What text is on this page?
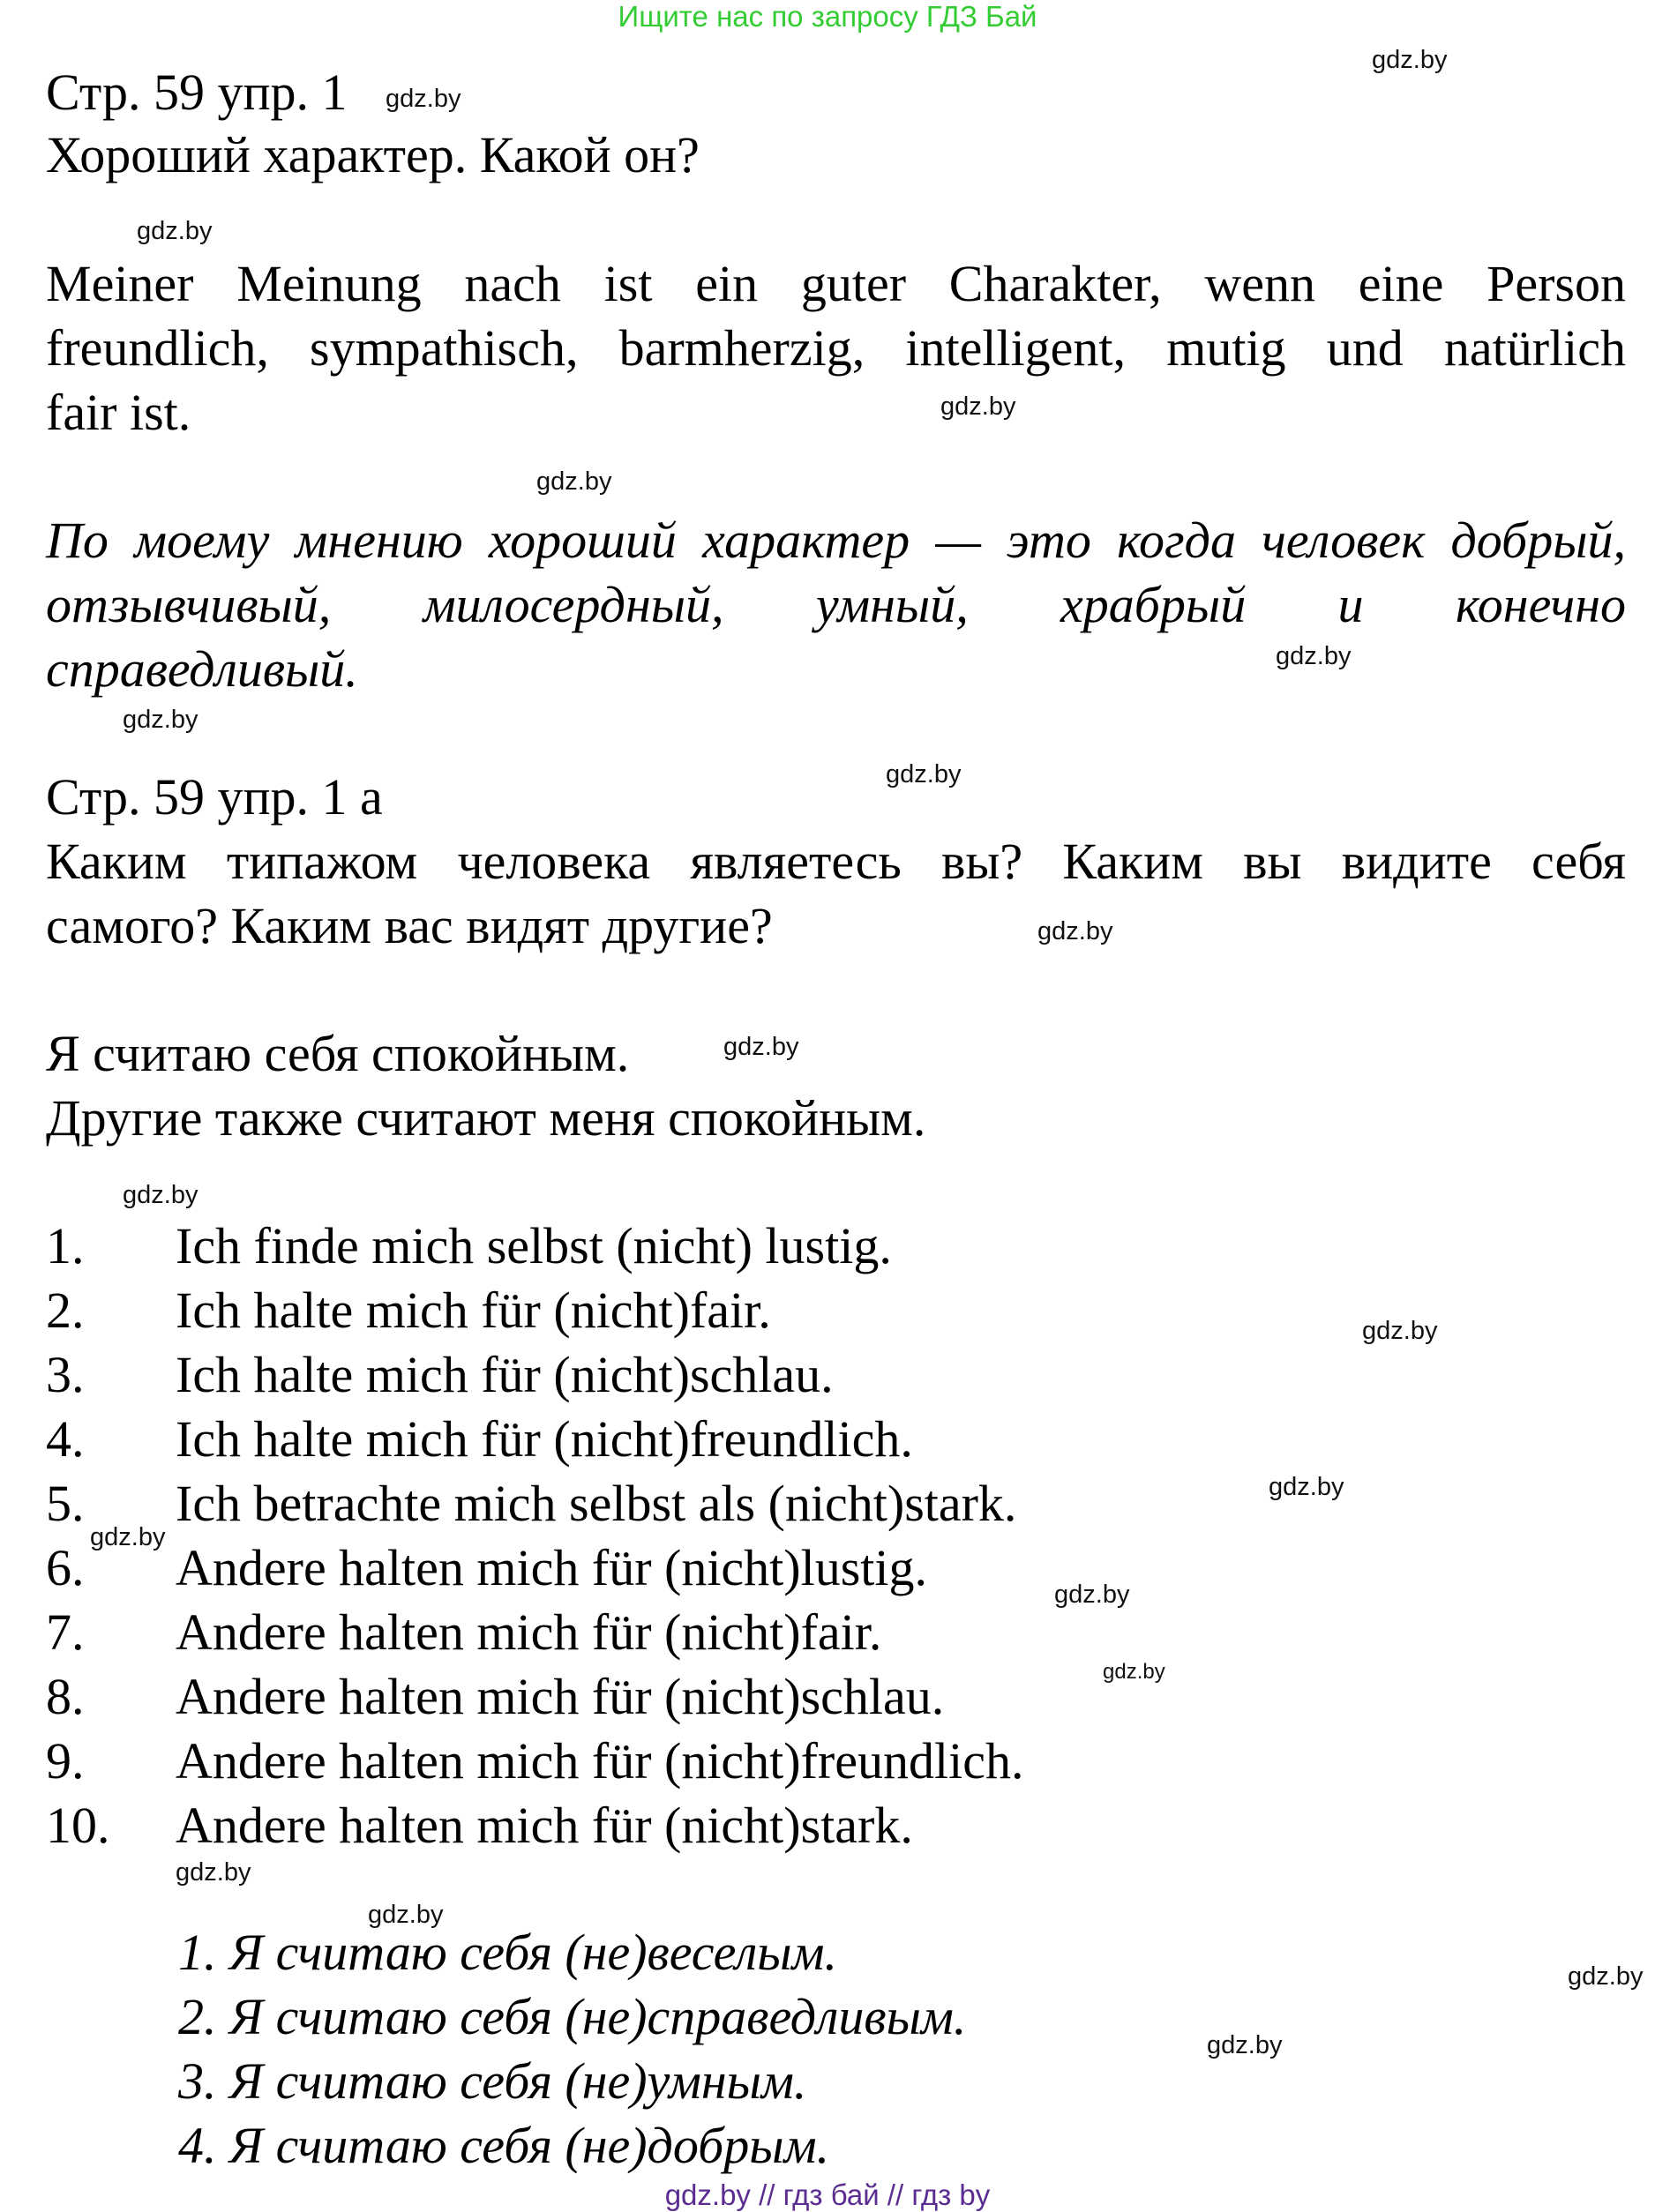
Ищите нас по запросу ГДЗ Бай
Стр. 59 упр. 1
Хороший характер. Какой он?
Meiner Meinung nach ist ein guter Charakter, wenn eine Person
freundlich, sympathisch, barmherzig, intelligent, mutig und natürlich
fair ist.
По моему мнению хороший характер — это когда человек добрый,
отзывчивый, милосердный, умный, храбрый и конечно
справедливый.
Стр. 59 упр. 1 а
Каким типажом человека являетесь вы? Каким вы видите себя
самого? Каким вас видят другие?
Я считаю себя спокойным.
Другие также считают меня спокойным.
1. Ich finde mich selbst (nicht) lustig.
2. Ich halte mich für (nicht)fair.
3. Ich halte mich für (nicht)schlau.
4. Ich halte mich für (nicht)freundlich.
5. Ich betrachte mich selbst als (nicht)stark.
6. Andere halten mich für (nicht)lustig.
7. Andere halten mich für (nicht)fair.
8. Andere halten mich für (nicht)schlau.
9. Andere halten mich für (nicht)freundlich.
10. Andere halten mich für (nicht)stark.
1. Я считаю себя (не)веселым.
2. Я считаю себя (не)справедливым.
3. Я считаю себя (не)умным.
4. Я считаю себя (не)добрым.
gdz.by
gdz.by
gdz.by
gdz.by
gdz.by
gdz.by
gdz.by
gdz.by
gdz.by
gdz.by
gdz.by
gdz.by
gdz.by
gdz.by
gdz.by
gdz.by
gdz.by
gdz.by
gdz.by
gdz.by
gdz.by // гдз бай // гдз by
